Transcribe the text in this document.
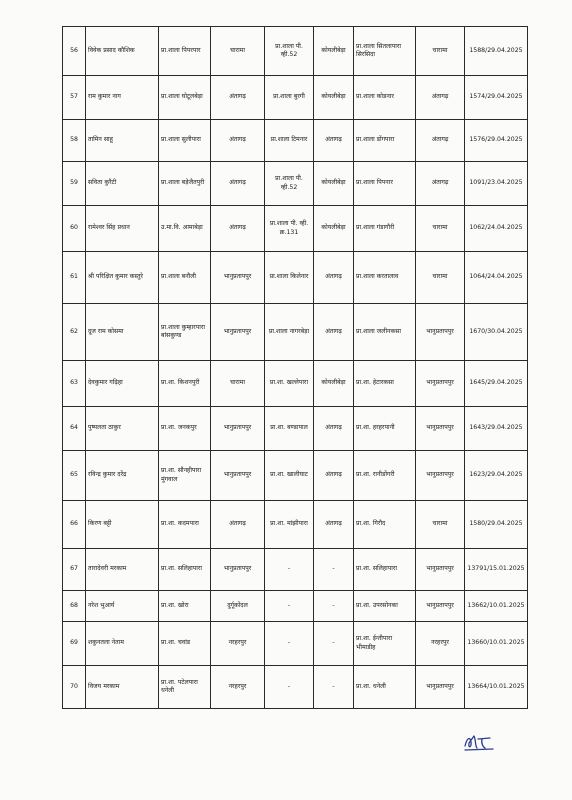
56	विवेक प्रसाद कौशिक	प्रा.शाला पिपरपार	चारामा	प्रा.शाला पी. व्ही.52	कोयलीबेड़ा	प्रा.शाला सितलापारा सिरसिदा	चारामा	1588/29.04.2025
57	राम कुमार नाग	प्रा.शाला घोटूलबेड़ा	अंतागढ़	प्रा.शाला बुरगी	कोयलीबेड़ा	प्रा.शाला कोडनार	अंतागढ़	1574/29.04.2025
58	तामिन साहू	प्रा.शाला सुलीपारा	अंतागढ़	प्रा.शाला टिमनार	अंतागढ़	प्रा.शाला डोंगपारा	अंतागढ़	1576/29.04.2025
59	सविता कुरैटी	प्रा.शाला बड़ेजैतपुरी	अंतागढ़	प्रा.शाला पी. व्ही.52	कोयलीबेड़ा	प्रा.शाला पिपनार	अंतागढ़	1091/23.04.2025
60	रामेश्वर सिंह प्रधान	उ.मा.वि. आमाबेड़ा	अंतागढ़	प्रा.शाला पी. व्ही. क्र.131	कोयलीबेड़ा	प्रा.शाला गंडागौरी	चारामा	1062/24.04.2025
61	श्री परिक्षित कुमार कस्तुरे	प्रा.शाला बनौली	भानुप्रतापपुर	प्रा.शाला किलेनार	अंतागढ़	प्रा.शाला करतालाव	चारामा	1064/24.04.2025
62	दूज राम कोसमा	प्रा.शाला कुम्हारपारा बांसकुण्ड	भानुप्रतापपुर	प्रा.शाला नागरबेड़ा	अंतागढ़	प्रा.शाला जलीनकसा	भानुप्रतापपुर	1670/30.04.2025
63	देवकुमार गढ़िहा	प्रा.शा. किशनपुरी	चारामा	प्रा.शा. खल्लेपारा	कोयलीबेड़ा	प्रा.शा. हेटारकसा	भानुप्रतापपुर	1645/29.04.2025
64	पुष्पलता ठाकुर	प्रा.शा. जनकपुर	भानुप्रतापपुर	प्रा.शा. बण्डापाल	अंतागढ़	प्रा.शा. हरहरपानी	भानुप्रतापपुर	1643/29.04.2025
65	रविन्द्र कुमार दरेंद्र	प्रा.शा. सौनहीपारा मुंगवाल	भानुप्रतापपुर	प्रा.शा. खालीघाट	अंतागढ़	प्रा.शा. रानीडोंगरी	भानुप्रतापपुर	1623/29.04.2025
66	किरण बट्टी	प्रा.शा. कदमपारा	अंतागढ़	प्रा.शा. मांझीपारा	अंतागढ़	प्रा.शा. गिरौद	चारामा	1580/29.04.2025
67	तारादेवरी मरकाम	प्रा.शा. सलिहापारा	भानुप्रतापपुर	-	-	प्रा.शा. सलिहापारा	भानुप्रतापपुर	13791/15.01.2025
68	नरेश भुआर्य	प्रा.शा. खोरा	दुर्गूकोंदल	-	-	प्रा.शा. उपरसोनका	भानुप्रतापपुर	13662/10.01.2025
69	शकुनतला नेताम	प्रा.शा. चवांड	नरहरपुर	-	-	प्रा.शा. ईन्तीपारा भीमाडीह	नरहरपुर	13660/10.01.2025
70	विजय मरकाम	प्रा.शा. पटेलपारा धनेली	नरहरपुर	-	-	प्रा.शा. धनेली	भानुप्रतापपुर	13664/10.01.2025
